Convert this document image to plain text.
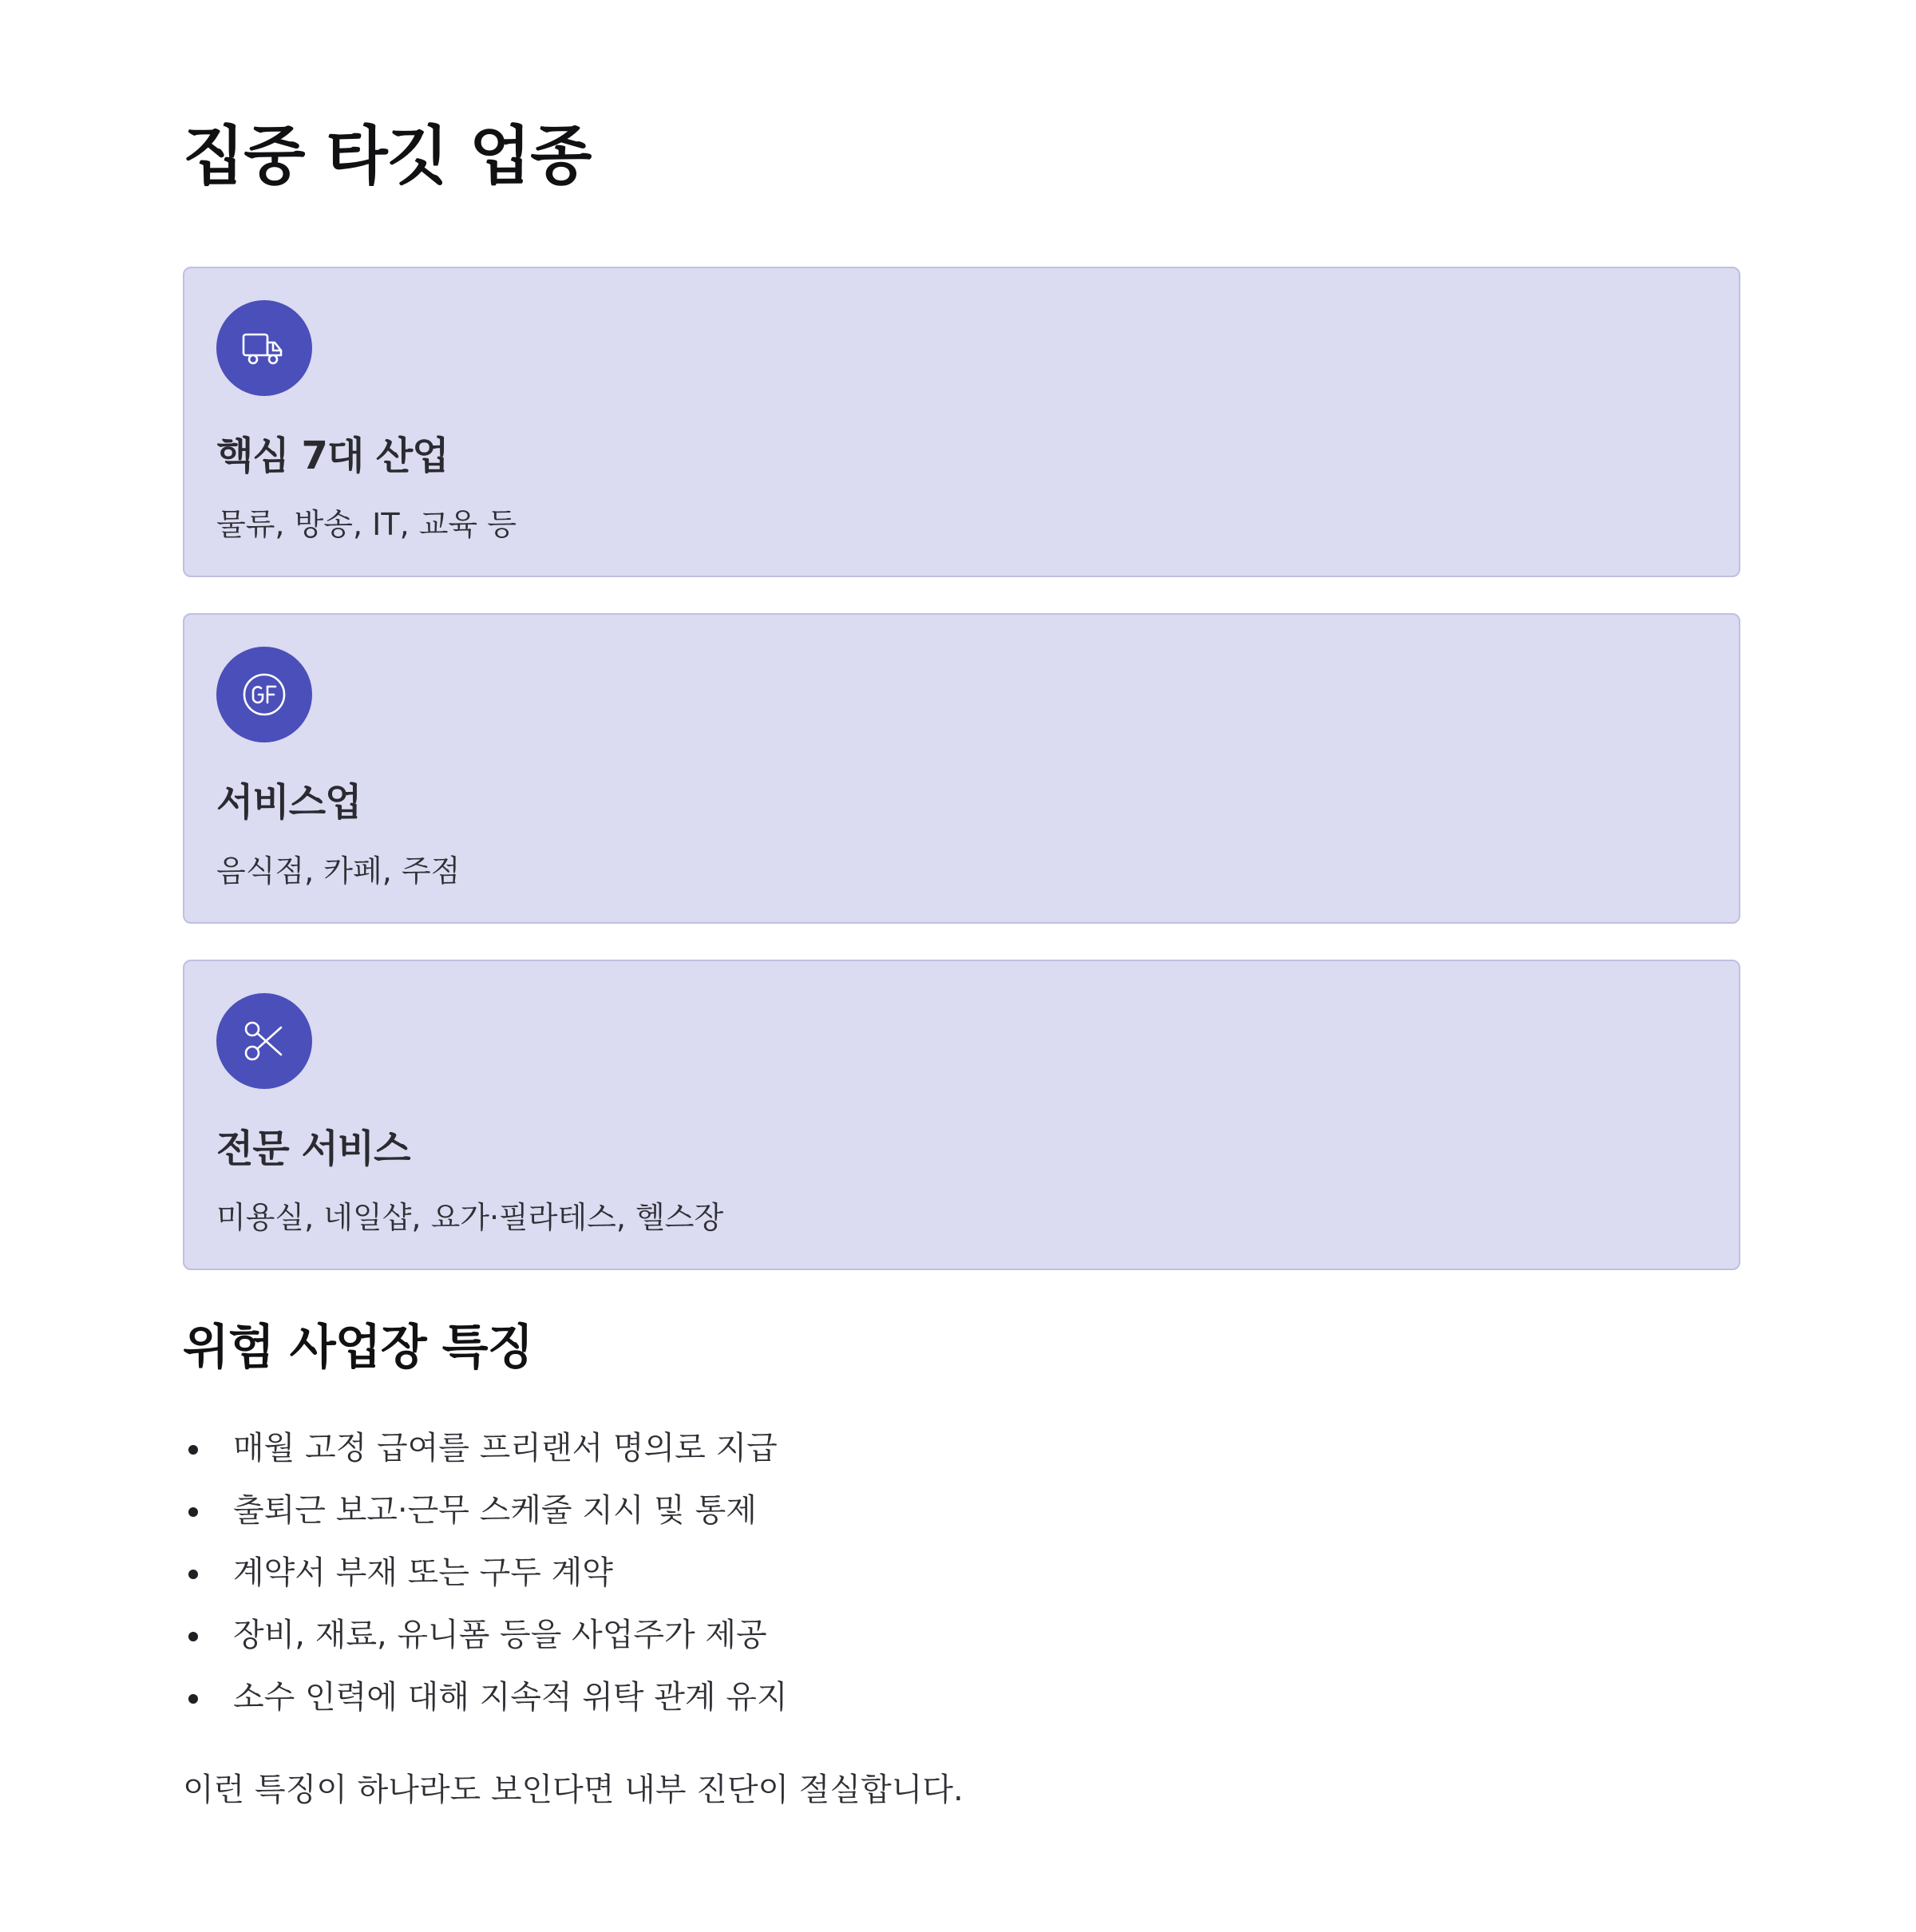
집중 타깃 업종
핵심 7대 산업
물류, 방송, IT, 교육 등
서비스업
음식점, 카페, 주점
전문 서비스
미용실, 네일샵, 요가·필라테스, 헬스장
위험 사업장 특징
매월 고정 급여를 프리랜서 명의로 지급
출퇴근 보고·근무 스케줄 지시 및 통제
계약서 부재 또는 구두 계약
장비, 재료, 유니폼 등을 사업주가 제공
소수 인력에 대해 지속적 위탁 관계 유지

이런 특징이 하나라도 보인다면 내부 진단이 절실합니다.
